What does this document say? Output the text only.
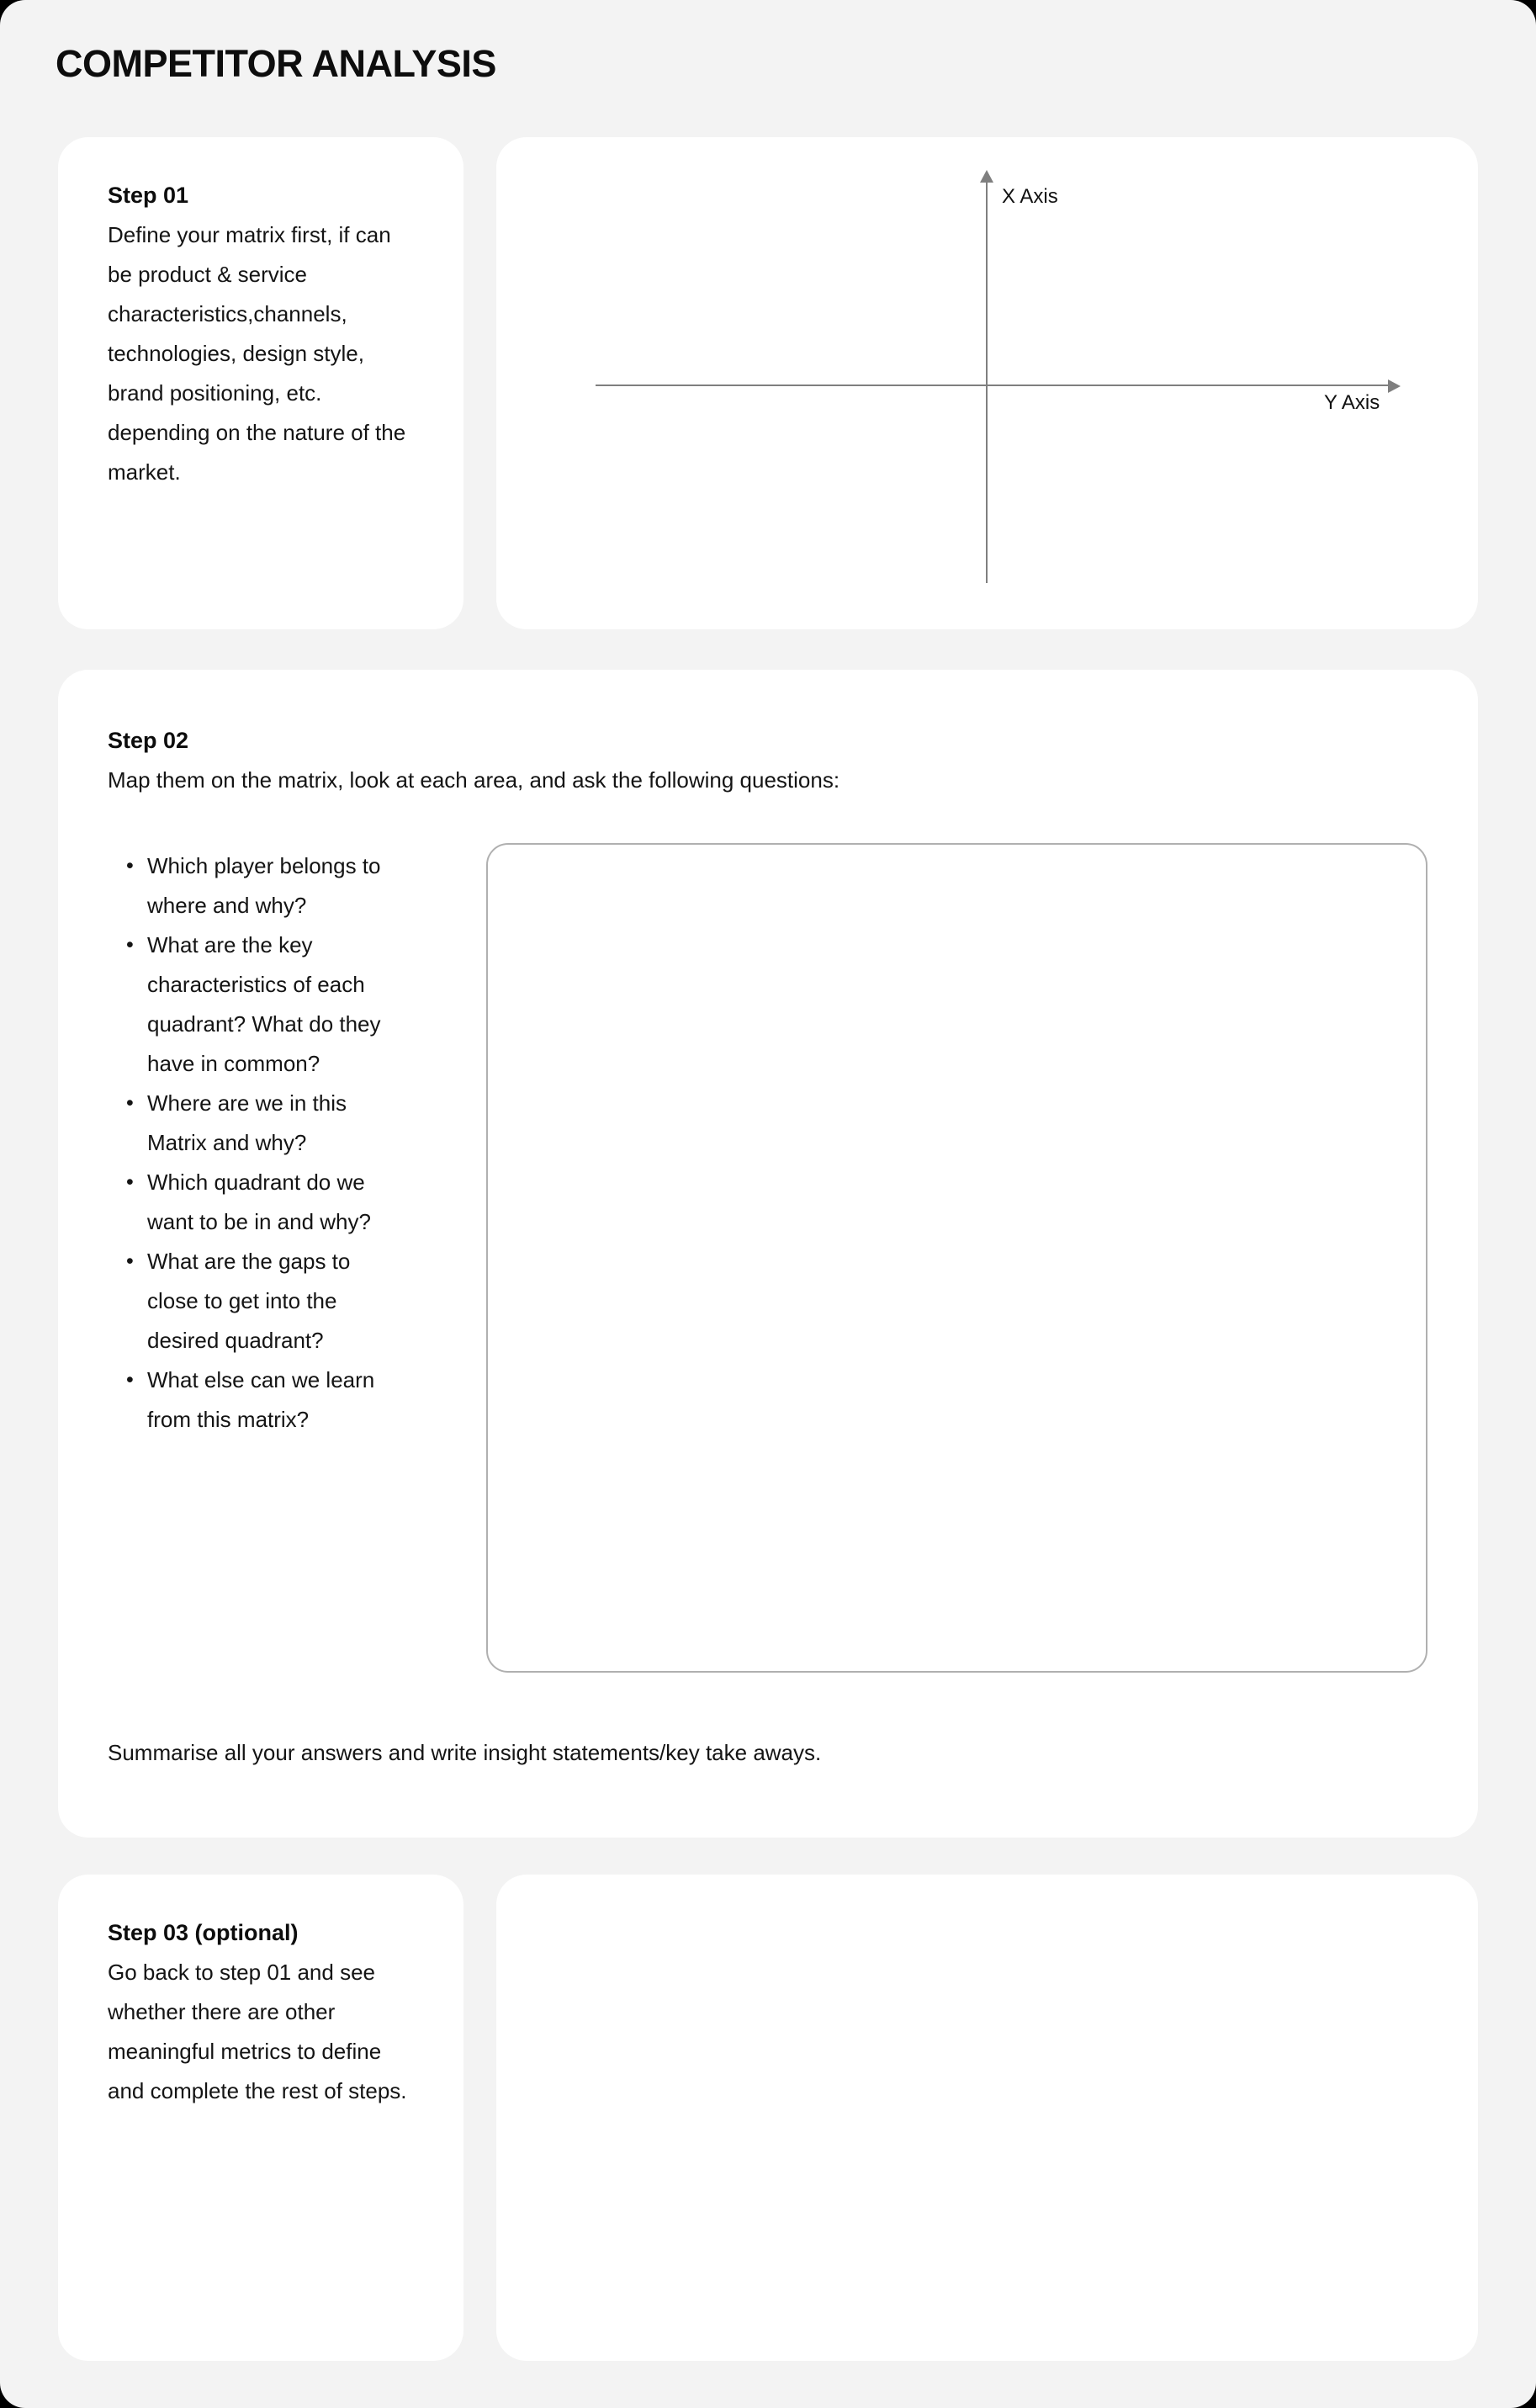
COMPETITOR ANALYSIS
Step 01
Define your matrix first, if can be product & service characteristics,channels, technologies, design style, brand positioning, etc. depending on the nature of the market.
X Axis
Y Axis
Step 02
Map them on the matrix, look at each area, and ask the following questions:
• Which player belongs to where and why?
• What are the key characteristics of each quadrant? What do they have in common?
• Where are we in this Matrix and why?
• Which quadrant do we want to be in and why?
• What are the gaps to close to get into the desired quadrant?
• What else can we learn from this matrix?
Summarise all your answers and write insight statements/key take aways.
Step 03 (optional)
Go back to step 01 and see whether there are other meaningful metrics to define and complete the rest of steps.
